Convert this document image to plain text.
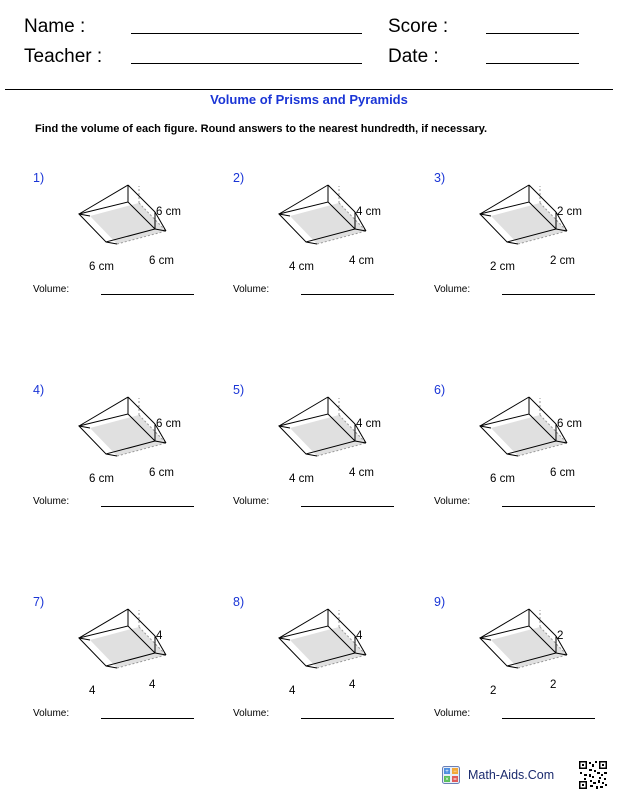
Name :	Score :
Teacher :	Date :
Volume of Prisms and Pyramids
Find the volume of each figure. Round answers to the nearest hundredth, if necessary.
1)
6 cm
6 cm	6 cm
Volume:
2)
4 cm
4 cm	4 cm
Volume:
3)
2 cm
2 cm	2 cm
Volume:
4)
6 cm
6 cm	6 cm
Volume:
5)
4 cm
4 cm	4 cm
Volume:
6)
6 cm
6 cm	6 cm
Volume:
7)
4
4	4
Volume:
8)
4
4	4
Volume:
9)
2
2	2
Volume:
+ −
× = Math-Aids.Com
